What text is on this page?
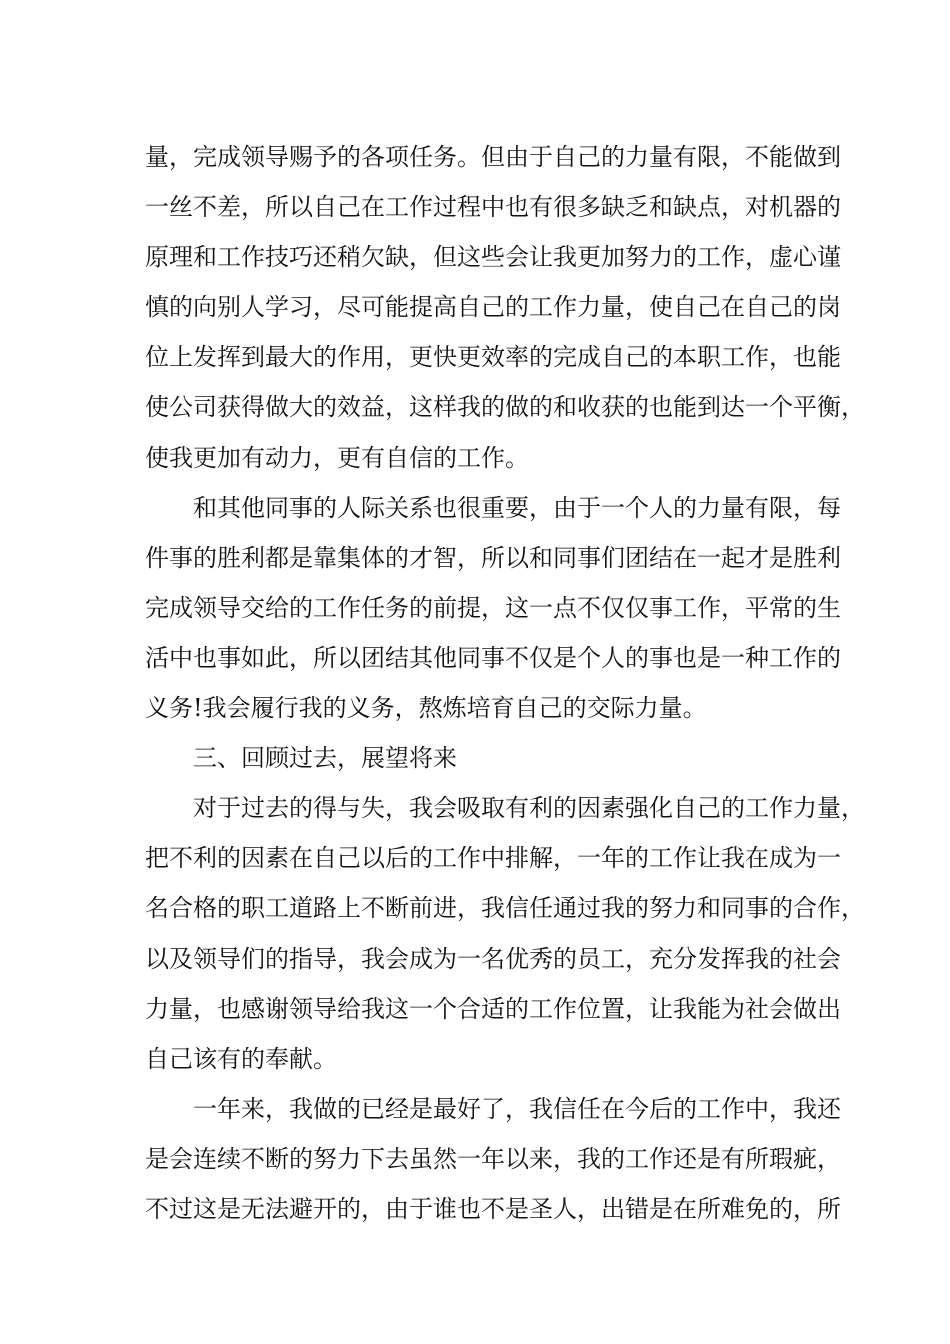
量，完成领导赐予的各项任务。但由于自己的力量有限，不能做到
一丝不差，所以自己在工作过程中也有很多缺乏和缺点，对机器的
原理和工作技巧还稍欠缺，但这些会让我更加努力的工作，虚心谨
慎的向别人学习，尽可能提高自己的工作力量，使自己在自己的岗
位上发挥到最大的作用，更快更效率的完成自己的本职工作，也能
使公司获得做大的效益，这样我的做的和收获的也能到达一个平衡，
使我更加有动力，更有自信的工作。
和其他同事的人际关系也很重要，由于一个人的力量有限，每
件事的胜利都是靠集体的才智，所以和同事们团结在一起才是胜利
完成领导交给的工作任务的前提，这一点不仅仅事工作，平常的生
活中也事如此，所以团结其他同事不仅是个人的事也是一种工作的
义务!我会履行我的义务，熬炼培育自己的交际力量。
三、回顾过去，展望将来
对于过去的得与失，我会吸取有利的因素强化自己的工作力量，
把不利的因素在自己以后的工作中排解，一年的工作让我在成为一
名合格的职工道路上不断前进，我信任通过我的努力和同事的合作，
以及领导们的指导，我会成为一名优秀的员工，充分发挥我的社会
力量，也感谢领导给我这一个合适的工作位置，让我能为社会做出
自己该有的奉献。
一年来，我做的已经是最好了，我信任在今后的工作中，我还
是会连续不断的努力下去虽然一年以来，我的工作还是有所瑕疵，
不过这是无法避开的，由于谁也不是圣人，出错是在所难免的，所
